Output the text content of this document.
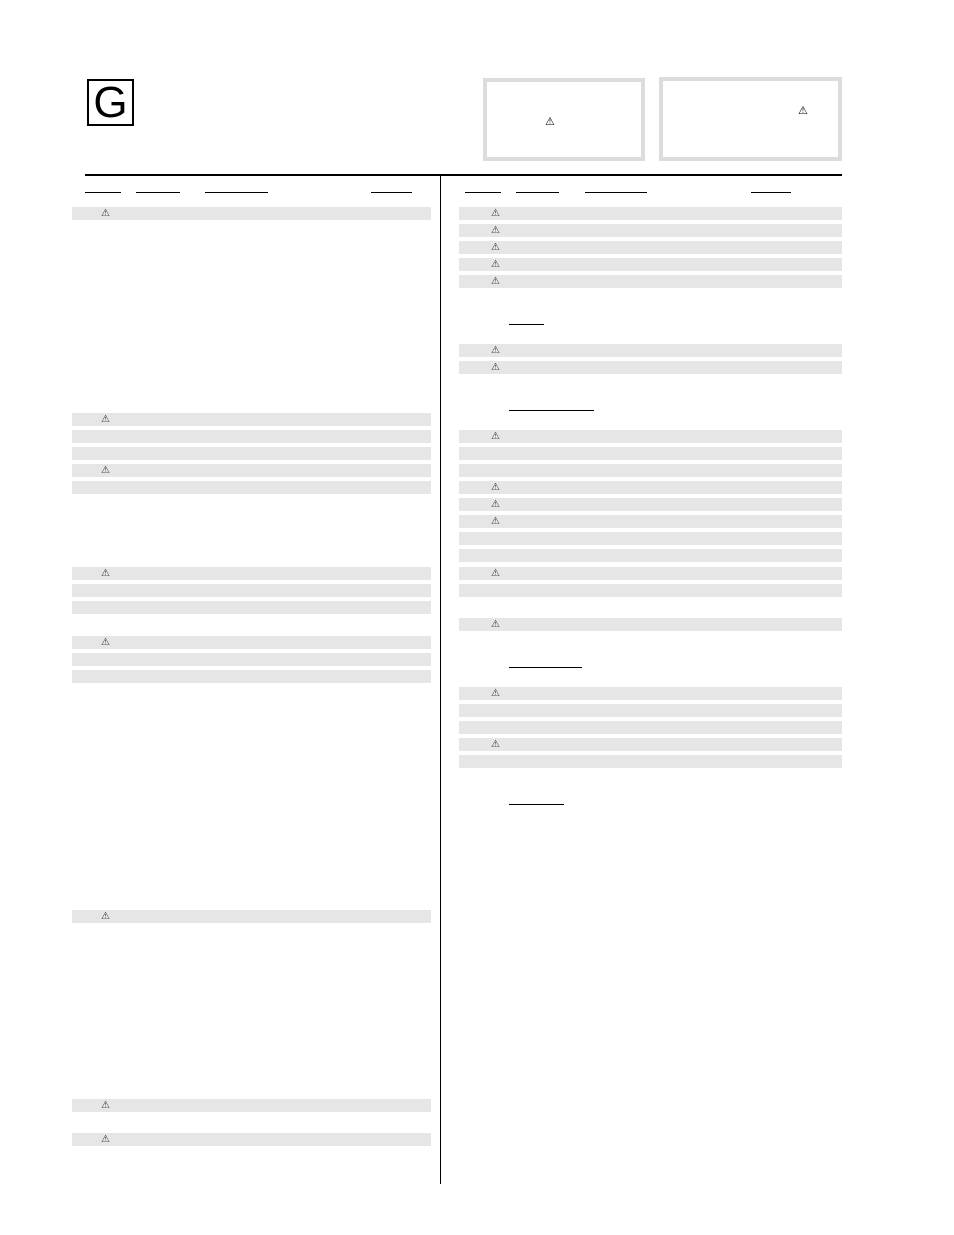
G	⚠
⚠
⚠
⚠
⚠
⚠
⚠
⚠
⚠
⚠
⚠
⚠
⚠
⚠
⚠
⚠
⚠
⚠
⚠
⚠
⚠
⚠
⚠
⚠
⚠
